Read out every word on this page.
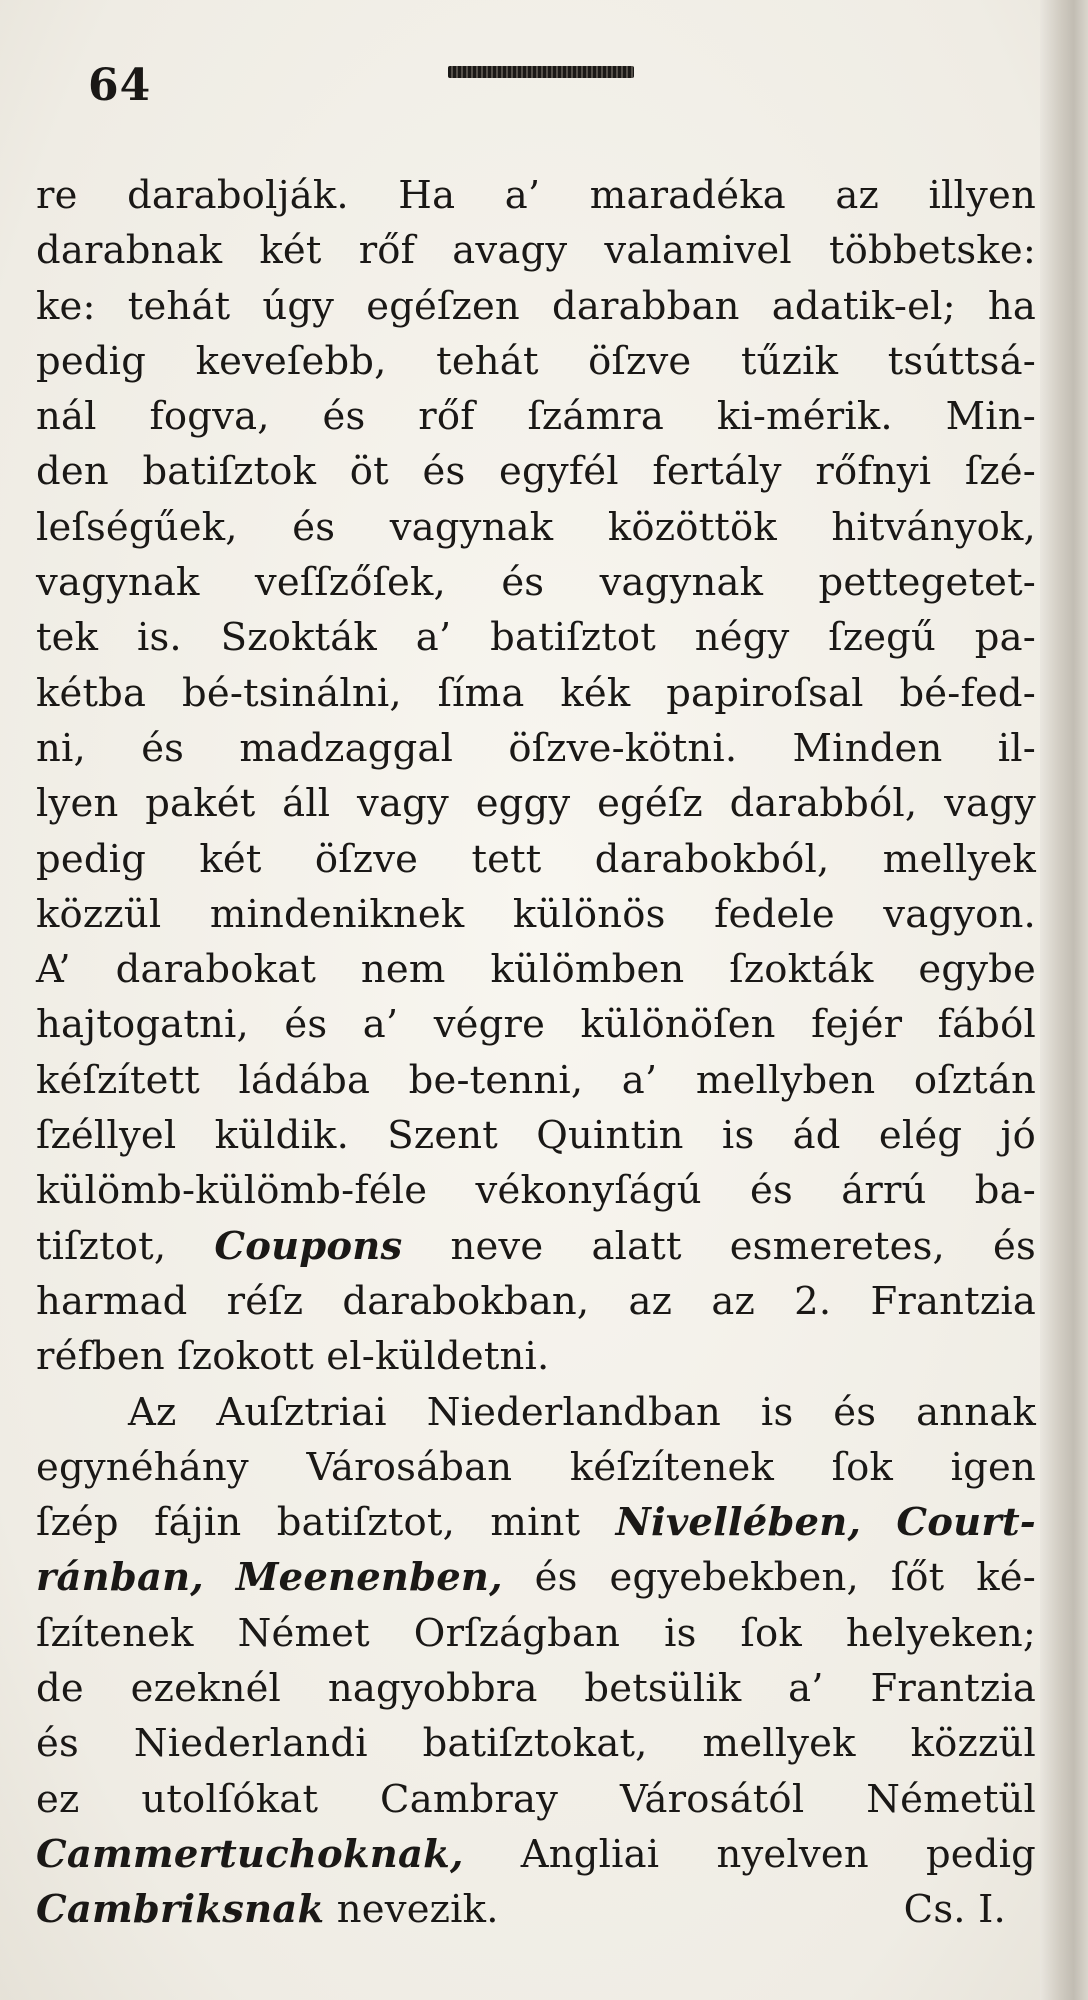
64
re darabolják. Ha a’ maradéka az illyen
darabnak két rőf avagy valamivel többetske:
ke: tehát úgy egéſzen darabban adatik-el; ha
pedig keveſebb, tehát öſzve tűzik tsúttsá-
nál fogva, és rőf ſzámra ki-mérik. Min-
den batiſztok öt és egyfél fertály rőfnyi ſzé-
leſségűek, és vagynak közöttök hitványok,
vagynak veſſzőſek, és vagynak pettegetet-
tek is. Szokták a’ batiſztot négy ſzegű pa-
kétba bé-tsinálni, ſíma kék papiroſsal bé-fed-
ni, és madzaggal öſzve-kötni. Minden il-
lyen pakét áll vagy eggy egéſz darabból, vagy
pedig két öſzve tett darabokból, mellyek
közzül mindeniknek különös fedele vagyon.
A’ darabokat nem külömben ſzokták egybe
hajtogatni, és a’ végre különöſen fejér fából
kéſzített ládába be-tenni, a’ mellyben oſztán
ſzéllyel küldik. Szent Quintin is ád elég jó
külömb-külömb-féle vékonyſágú és árrú ba-
tiſztot, Coupons neve alatt esmeretes, és
harmad réſz darabokban, az az 2. Frantzia
réfben ſzokott el-küldetni.
Az Auſztriai Niederlandban is és annak
egynéhány Városában kéſzítenek ſok igen
ſzép fájin batiſztot, mint Nivellében, Court-
ránban, Meenenben, és egyebekben, ſőt ké-
ſzítenek Német Orſzágban is ſok helyeken;
de ezeknél nagyobbra betsülik a’ Frantzia
és Niederlandi batiſztokat, mellyek közzül
ez utolſókat Cambray Városától Németül
Cammertuchoknak, Angliai nyelven pedig
Cambriksnak nevezik.	Cs. I.
